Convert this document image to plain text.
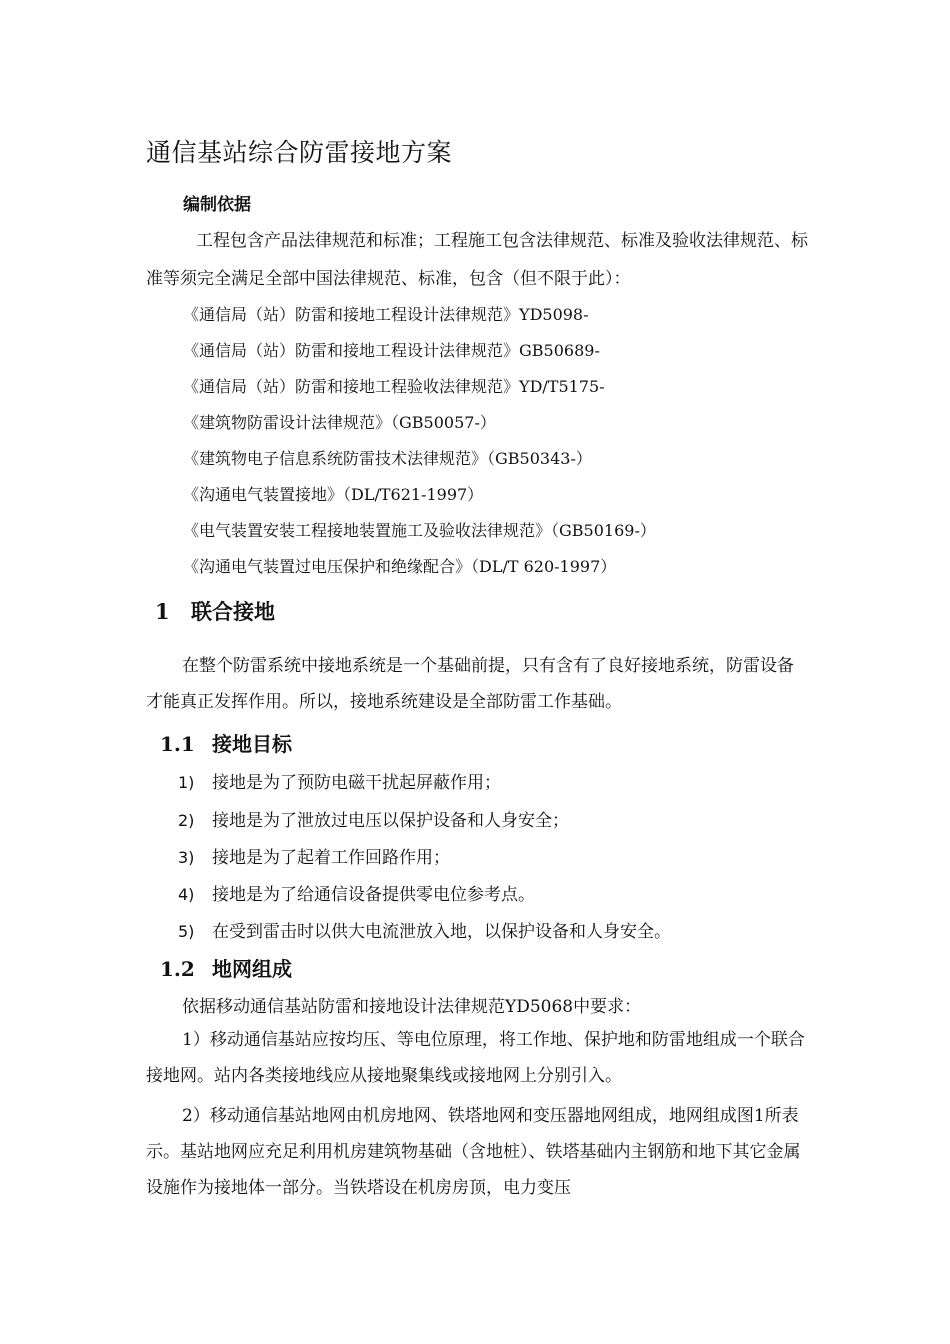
通信基站综合防雷接地方案
编制依据
工程包含产品法律规范和标准；工程施工包含法律规范、标准及验收法律规范、标准等须完全满足全部中国法律规范、标准，包含（但不限于此）：
《通信局（站）防雷和接地工程设计法律规范》YD5098-
《通信局（站）防雷和接地工程设计法律规范》GB50689-
《通信局（站）防雷和接地工程验收法律规范》YD/T5175-
《建筑物防雷设计法律规范》（GB50057-）
《建筑物电子信息系统防雷技术法律规范》（GB50343-）
《沟通电气装置接地》（DL/T621-1997）
《电气装置安装工程接地装置施工及验收法律规范》（GB50169-）
《沟通电气装置过电压保护和绝缘配合》（DL/T 620-1997）
1 联合接地
在整个防雷系统中接地系统是一个基础前提，只有含有了良好接地系统，防雷设备才能真正发挥作用。所以，接地系统建设是全部防雷工作基础。
1.1 接地目标
1) 接地是为了预防电磁干扰起屏蔽作用；
2) 接地是为了泄放过电压以保护设备和人身安全；
3) 接地是为了起着工作回路作用；
4) 接地是为了给通信设备提供零电位参考点。
5) 在受到雷击时以供大电流泄放入地，以保护设备和人身安全。
1.2 地网组成
依据移动通信基站防雷和接地设计法律规范YD5068中要求：
1）移动通信基站应按均压、等电位原理，将工作地、保护地和防雷地组成一个联合接地网。站内各类接地线应从接地聚集线或接地网上分别引入。
2）移动通信基站地网由机房地网、铁塔地网和变压器地网组成，地网组成图1所表示。基站地网应充足利用机房建筑物基础（含地桩）、铁塔基础内主钢筋和地下其它金属设施作为接地体一部分。当铁塔设在机房房顶，电力变压
